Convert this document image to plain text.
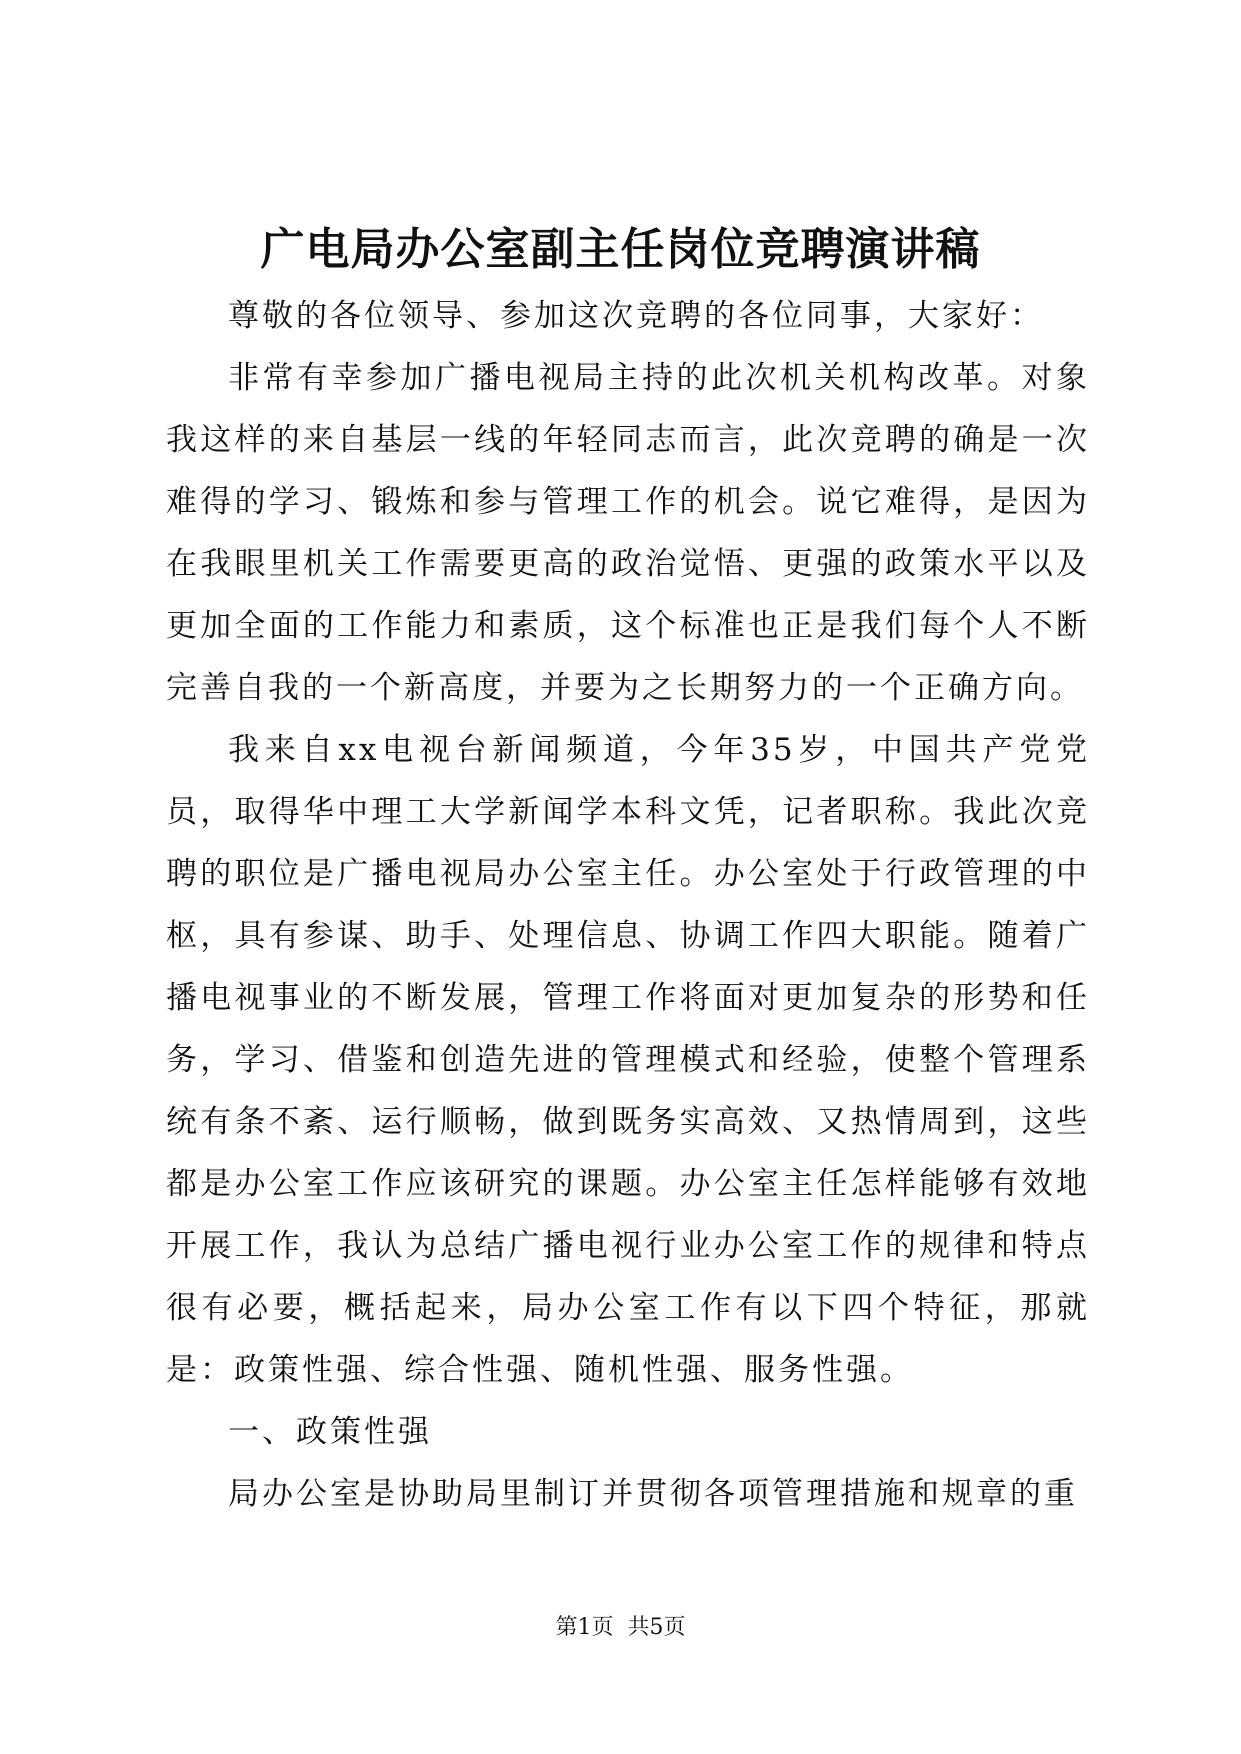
广电局办公室副主任岗位竞聘演讲稿

尊敬的各位领导、参加这次竞聘的各位同事，大家好：

非常有幸参加广播电视局主持的此次机关机构改革。对象我这样的来自基层一线的年轻同志而言，此次竞聘的确是一次难得的学习、锻炼和参与管理工作的机会。说它难得，是因为在我眼里机关工作需要更高的政治觉悟、更强的政策水平以及更加全面的工作能力和素质，这个标准也正是我们每个人不断完善自我的一个新高度，并要为之长期努力的一个正确方向。

我来自xx电视台新闻频道，今年35岁，中国共产党党员，取得华中理工大学新闻学本科文凭，记者职称。我此次竞聘的职位是广播电视局办公室主任。办公室处于行政管理的中枢，具有参谋、助手、处理信息、协调工作四大职能。随着广播电视事业的不断发展，管理工作将面对更加复杂的形势和任务，学习、借鉴和创造先进的管理模式和经验，使整个管理系统有条不紊、运行顺畅，做到既务实高效、又热情周到，这些都是办公室工作应该研究的课题。办公室主任怎样能够有效地开展工作，我认为总结广播电视行业办公室工作的规律和特点很有必要，概括起来，局办公室工作有以下四个特征，那就是：政策性强、综合性强、随机性强、服务性强。

一、政策性强

局办公室是协助局里制订并贯彻各项管理措施和规章的重

第1页 共5页
